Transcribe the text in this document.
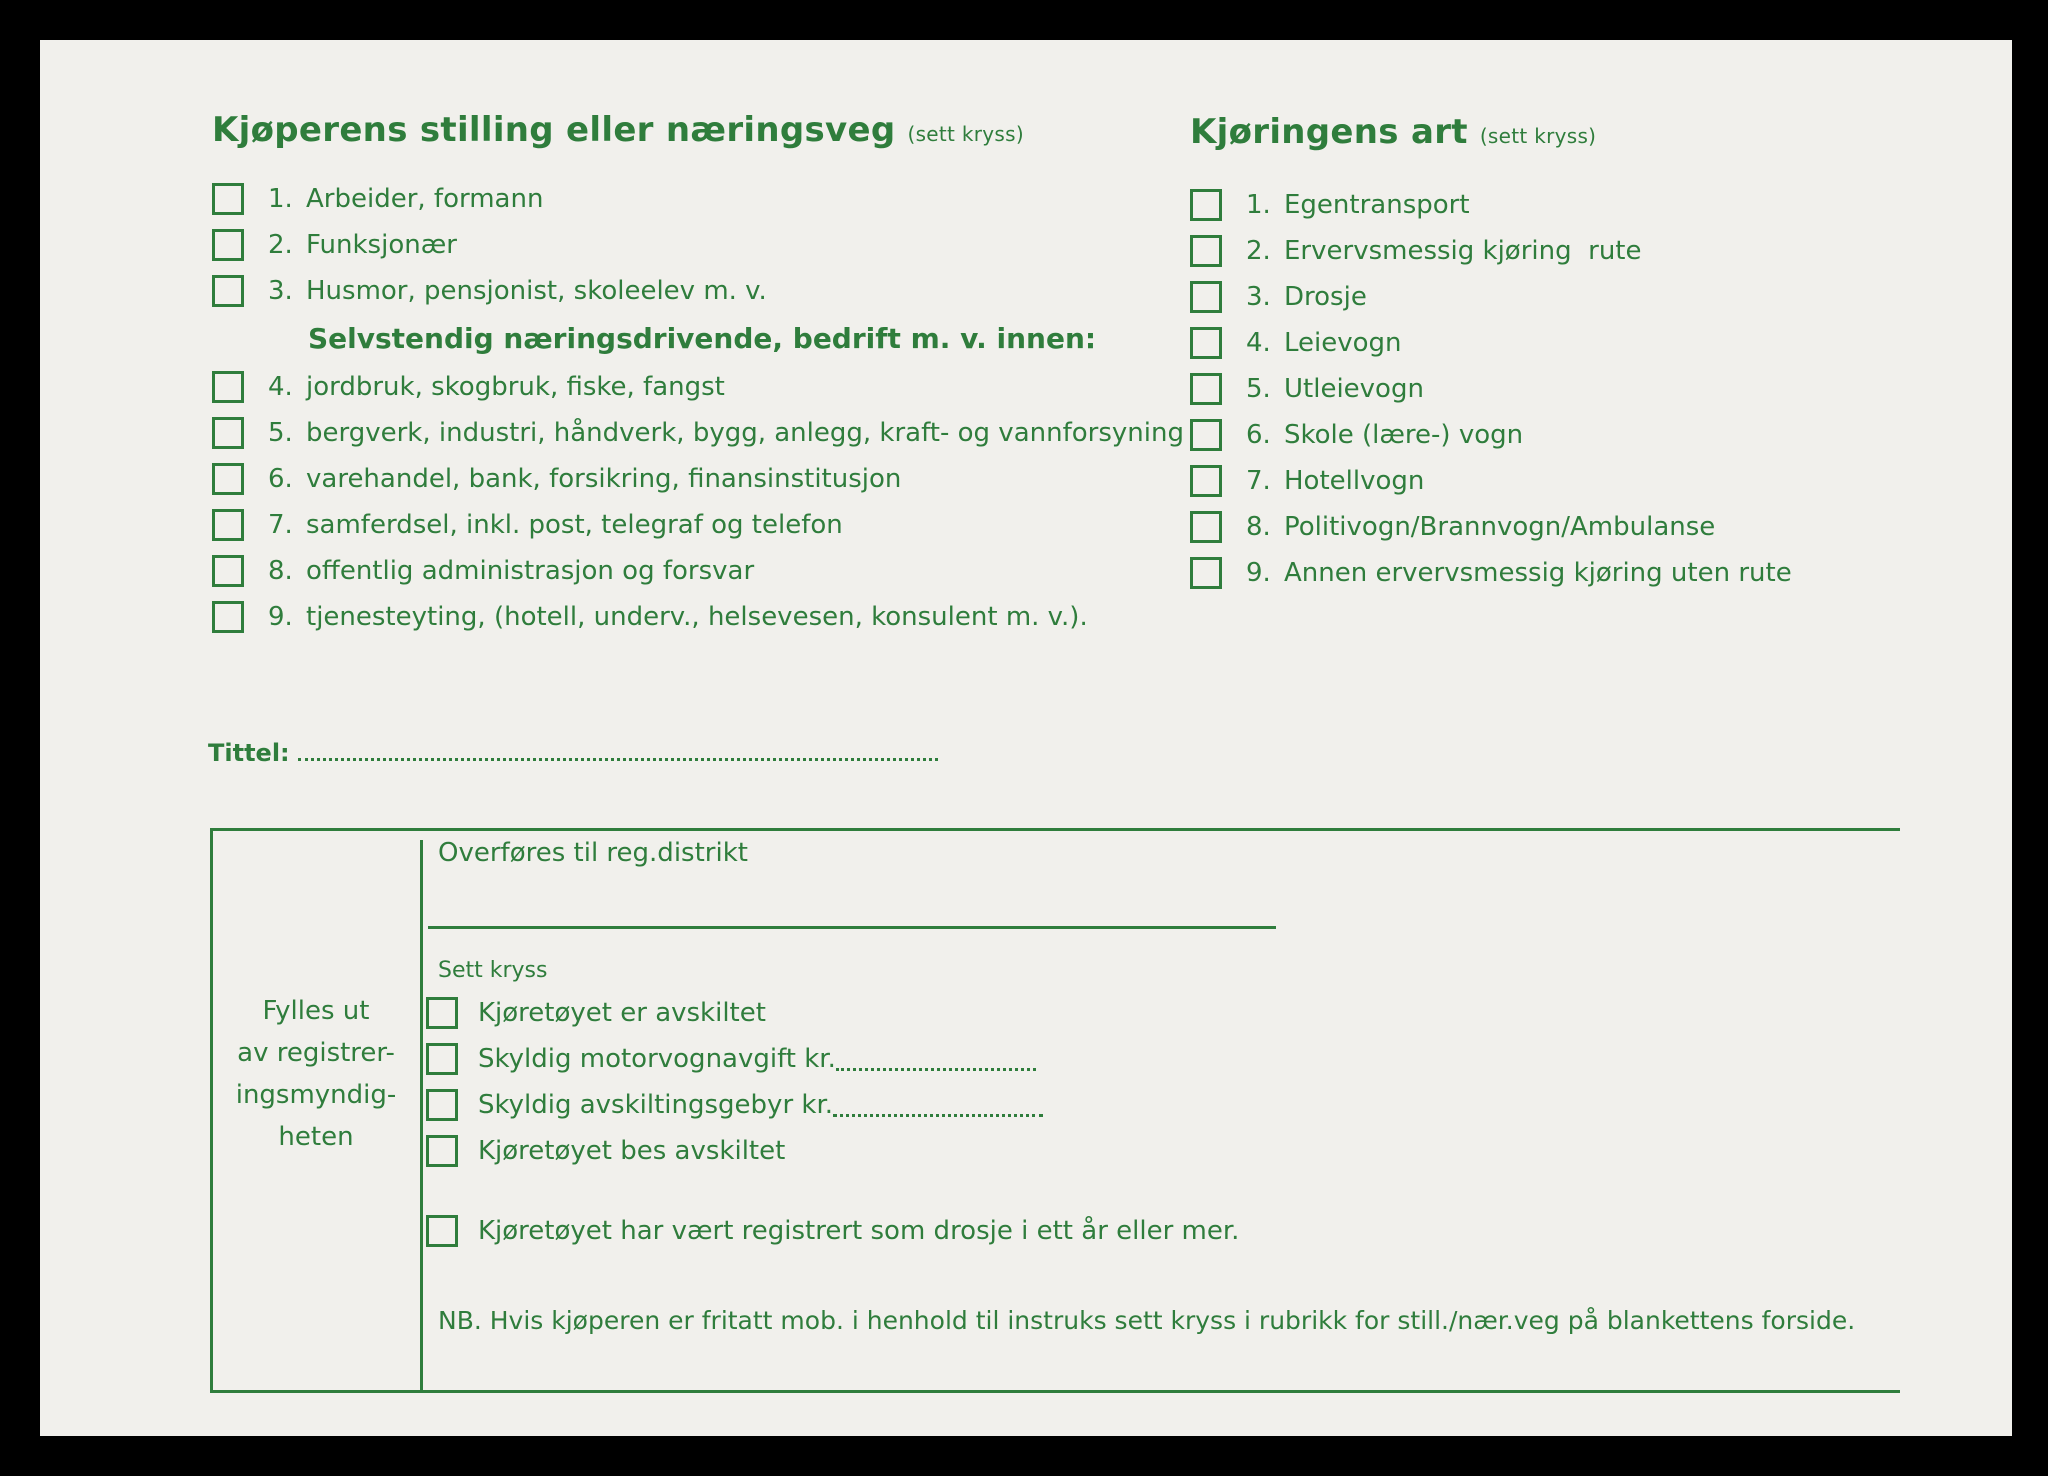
Kjøperens stilling eller næringsveg (sett kryss)
1. Arbeider, formann
2. Funksjonær
3. Husmor, pensjonist, skoleelev m. v.
Selvstendig næringsdrivende, bedrift m. v. innen:
4. jordbruk, skogbruk, fiske, fangst
5. bergverk, industri, håndverk, bygg, anlegg, kraft- og vannforsyning
6. varehandel, bank, forsikring, finansinstitusjon
7. samferdsel, inkl. post, telegraf og telefon
8. offentlig administrasjon og forsvar
9. tjenesteyting, (hotell, underv., helsevesen, konsulent m. v.).
Kjøringens art (sett kryss)
1. Egentransport
2. Ervervsmessig kjøring  rute
3. Drosje
4. Leievogn
5. Utleievogn
6. Skole (lære-) vogn
7. Hotellvogn
8. Politivogn/Brannvogn/Ambulanse
9. Annen ervervsmessig kjøring uten rute
Tittel:
Fylles ut
av registrer-
ingsmyndig-
heten
Overføres til reg.distrikt
Sett kryss
Kjøretøyet er avskiltet
Skyldig motorvognavgift kr.
Skyldig avskiltingsgebyr kr.
Kjøretøyet bes avskiltet
Kjøretøyet har vært registrert som drosje i ett år eller mer.
NB. Hvis kjøperen er fritatt mob. i henhold til instruks sett kryss i rubrikk for still./nær.veg på blankettens forside.
